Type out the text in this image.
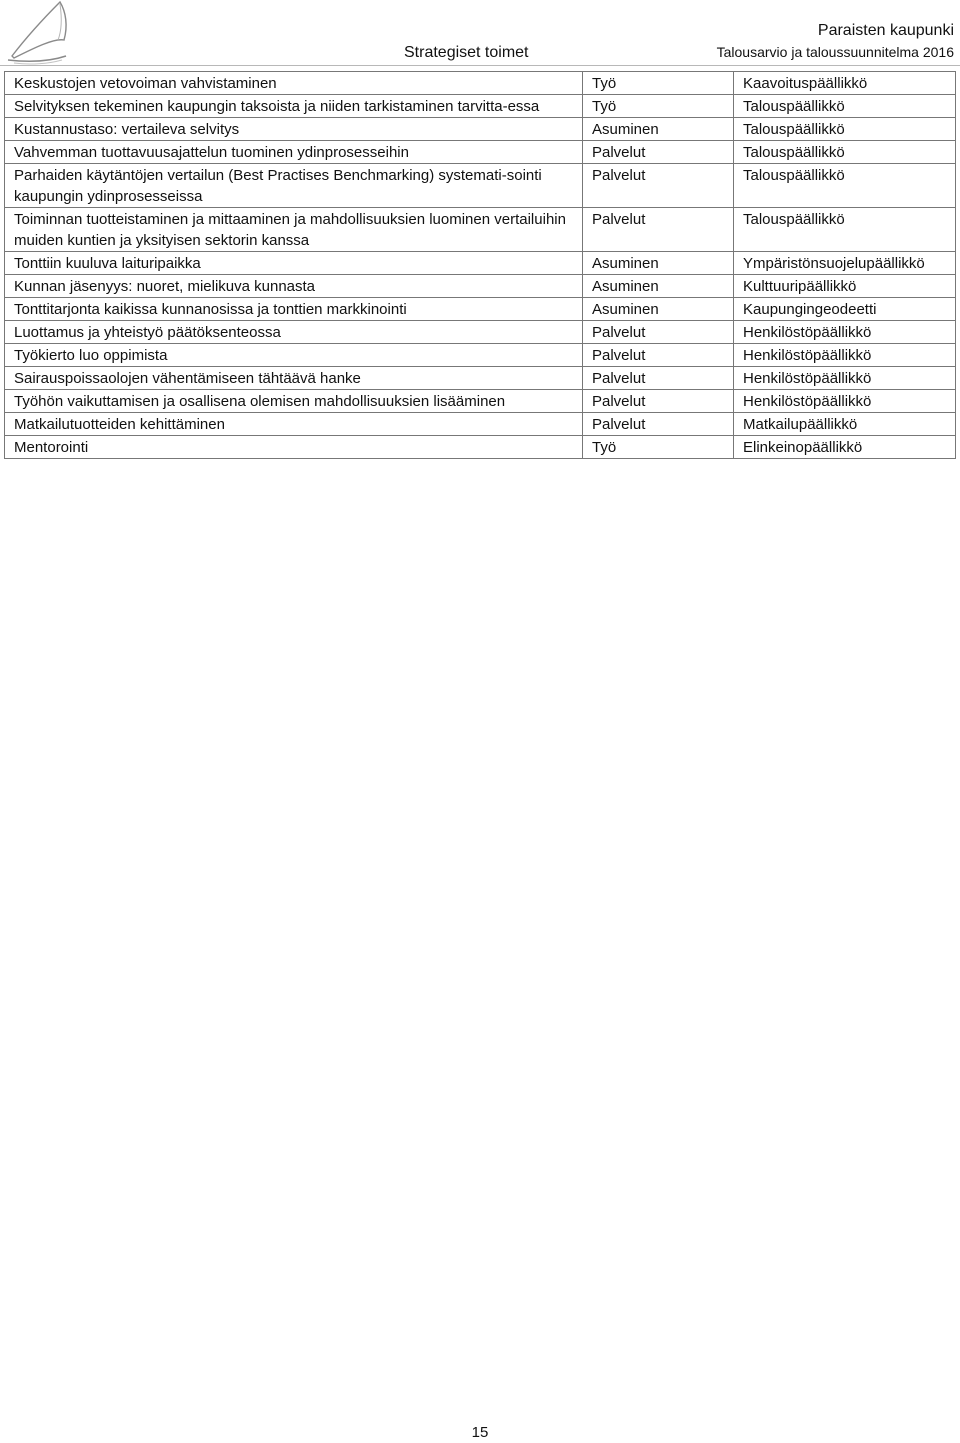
Strategiset toimet
Paraisten kaupunki
Talousarvio ja taloussuunnitelma 2016
Keskustojen vetovoiman vahvistaminen	Työ	Kaavoituspäällikkö
Selvityksen tekeminen kaupungin taksoista ja niiden tarkistaminen tarvitta-essa	Työ	Talouspäällikkö
Kustannustaso: vertaileva selvitys	Asuminen	Talouspäällikkö
Vahvemman tuottavuusajattelun tuominen ydinprosesseihin	Palvelut	Talouspäällikkö
Parhaiden käytäntöjen vertailun (Best Practises Benchmarking) systemati-sointi kaupungin ydinprosesseissa	Palvelut	Talouspäällikkö
Toiminnan tuotteistaminen ja mittaaminen ja mahdollisuuksien luominen vertailuihin muiden kuntien ja yksityisen sektorin kanssa	Palvelut	Talouspäällikkö
Tonttiin kuuluva laituripaikka	Asuminen	Ympäristönsuojelupäällikkö
Kunnan jäsenyys: nuoret, mielikuva kunnasta	Asuminen	Kulttuuripäällikkö
Tonttitarjonta kaikissa kunnanosissa ja tonttien markkinointi	Asuminen	Kaupungingeodeetti
Luottamus ja yhteistyö päätöksenteossa	Palvelut	Henkilöstöpäällikkö
Työkierto luo oppimista	Palvelut	Henkilöstöpäällikkö
Sairauspoissaolojen vähentämiseen tähtäävä hanke	Palvelut	Henkilöstöpäällikkö
Työhön vaikuttamisen ja osallisena olemisen mahdollisuuksien lisääminen	Palvelut	Henkilöstöpäällikkö
Matkailutuotteiden kehittäminen	Palvelut	Matkailupäällikkö
Mentorointi	Työ	Elinkeinopäällikkö
15
